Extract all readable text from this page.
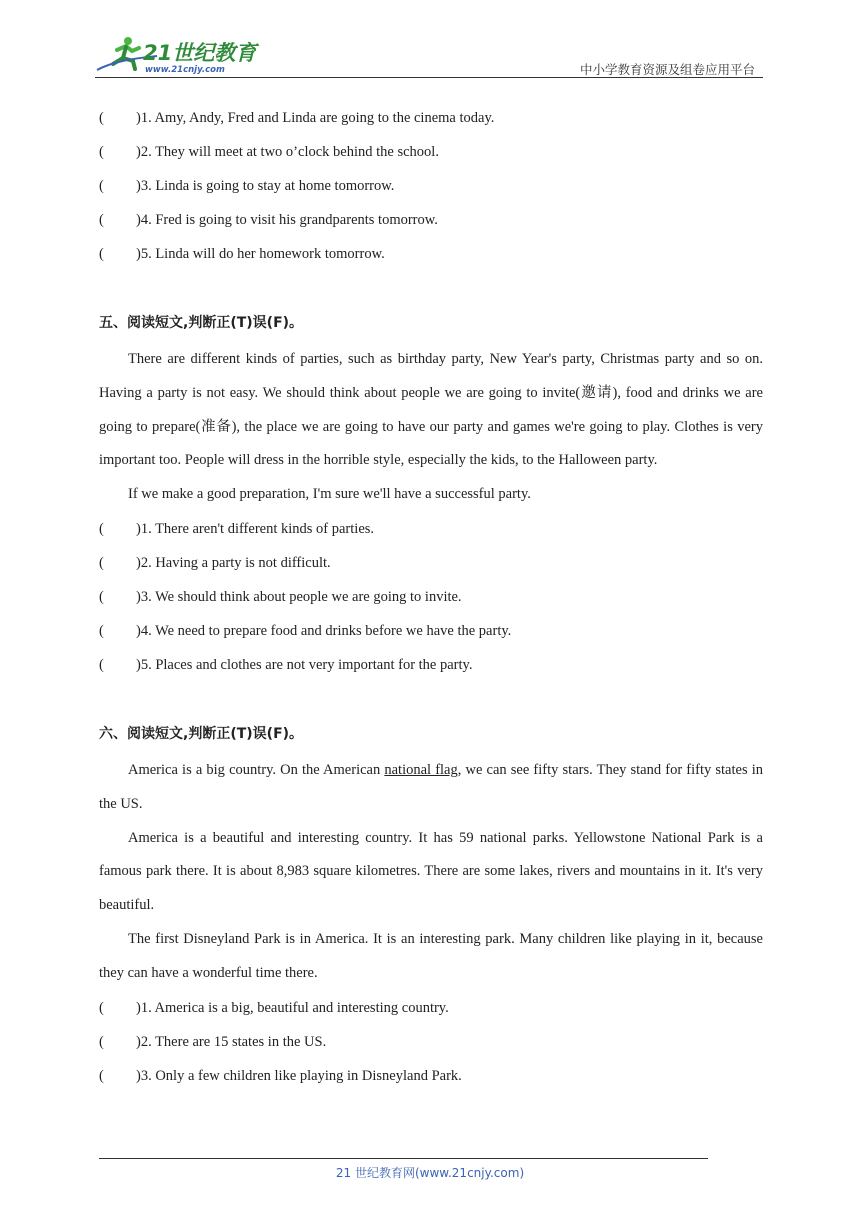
21世纪教育
www.21cnjy.com	中小学教育资源及组卷应用平台
( )1. Amy, Andy, Fred and Linda are going to the cinema today.
( )2. They will meet at two o’clock behind the school.
( )3. Linda is going to stay at home tomorrow.
( )4. Fred is going to visit his grandparents tomorrow.
( )5. Linda will do her homework tomorrow.
五、阅读短文,判断正(T)误(F)。

There are different kinds of parties, such as birthday party, New Year's party, Christmas party and so on. Having a party is not easy. We should think about people we are going to invite(邀请), food and drinks we are going to prepare(准备), the place we are going to have our party and games we're going to play. Clothes is very important too. People will dress in the horrible style, especially the kids, to the Halloween party.

If we make a good preparation, I'm sure we'll have a successful party.

( )1. There aren't different kinds of parties.
( )2. Having a party is not difficult.
( )3. We should think about people we are going to invite.
( )4. We need to prepare food and drinks before we have the party.
( )5. Places and clothes are not very important for the party.
六、阅读短文,判断正(T)误(F)。

America is a big country. On the American national flag, we can see fifty stars. They stand for fifty states in the US.

America is a beautiful and interesting country. It has 59 national parks. Yellowstone National Park is a famous park there. It is about 8,983 square kilometres. There are some lakes, rivers and mountains in it. It's very beautiful.

The first Disneyland Park is in America. It is an interesting park. Many children like playing in it, because they can have a wonderful time there.

( )1. America is a big, beautiful and interesting country.
( )2. There are 15 states in the US.
( )3. Only a few children like playing in Disneyland Park.
21 世纪教育网(www.21cnjy.com)
